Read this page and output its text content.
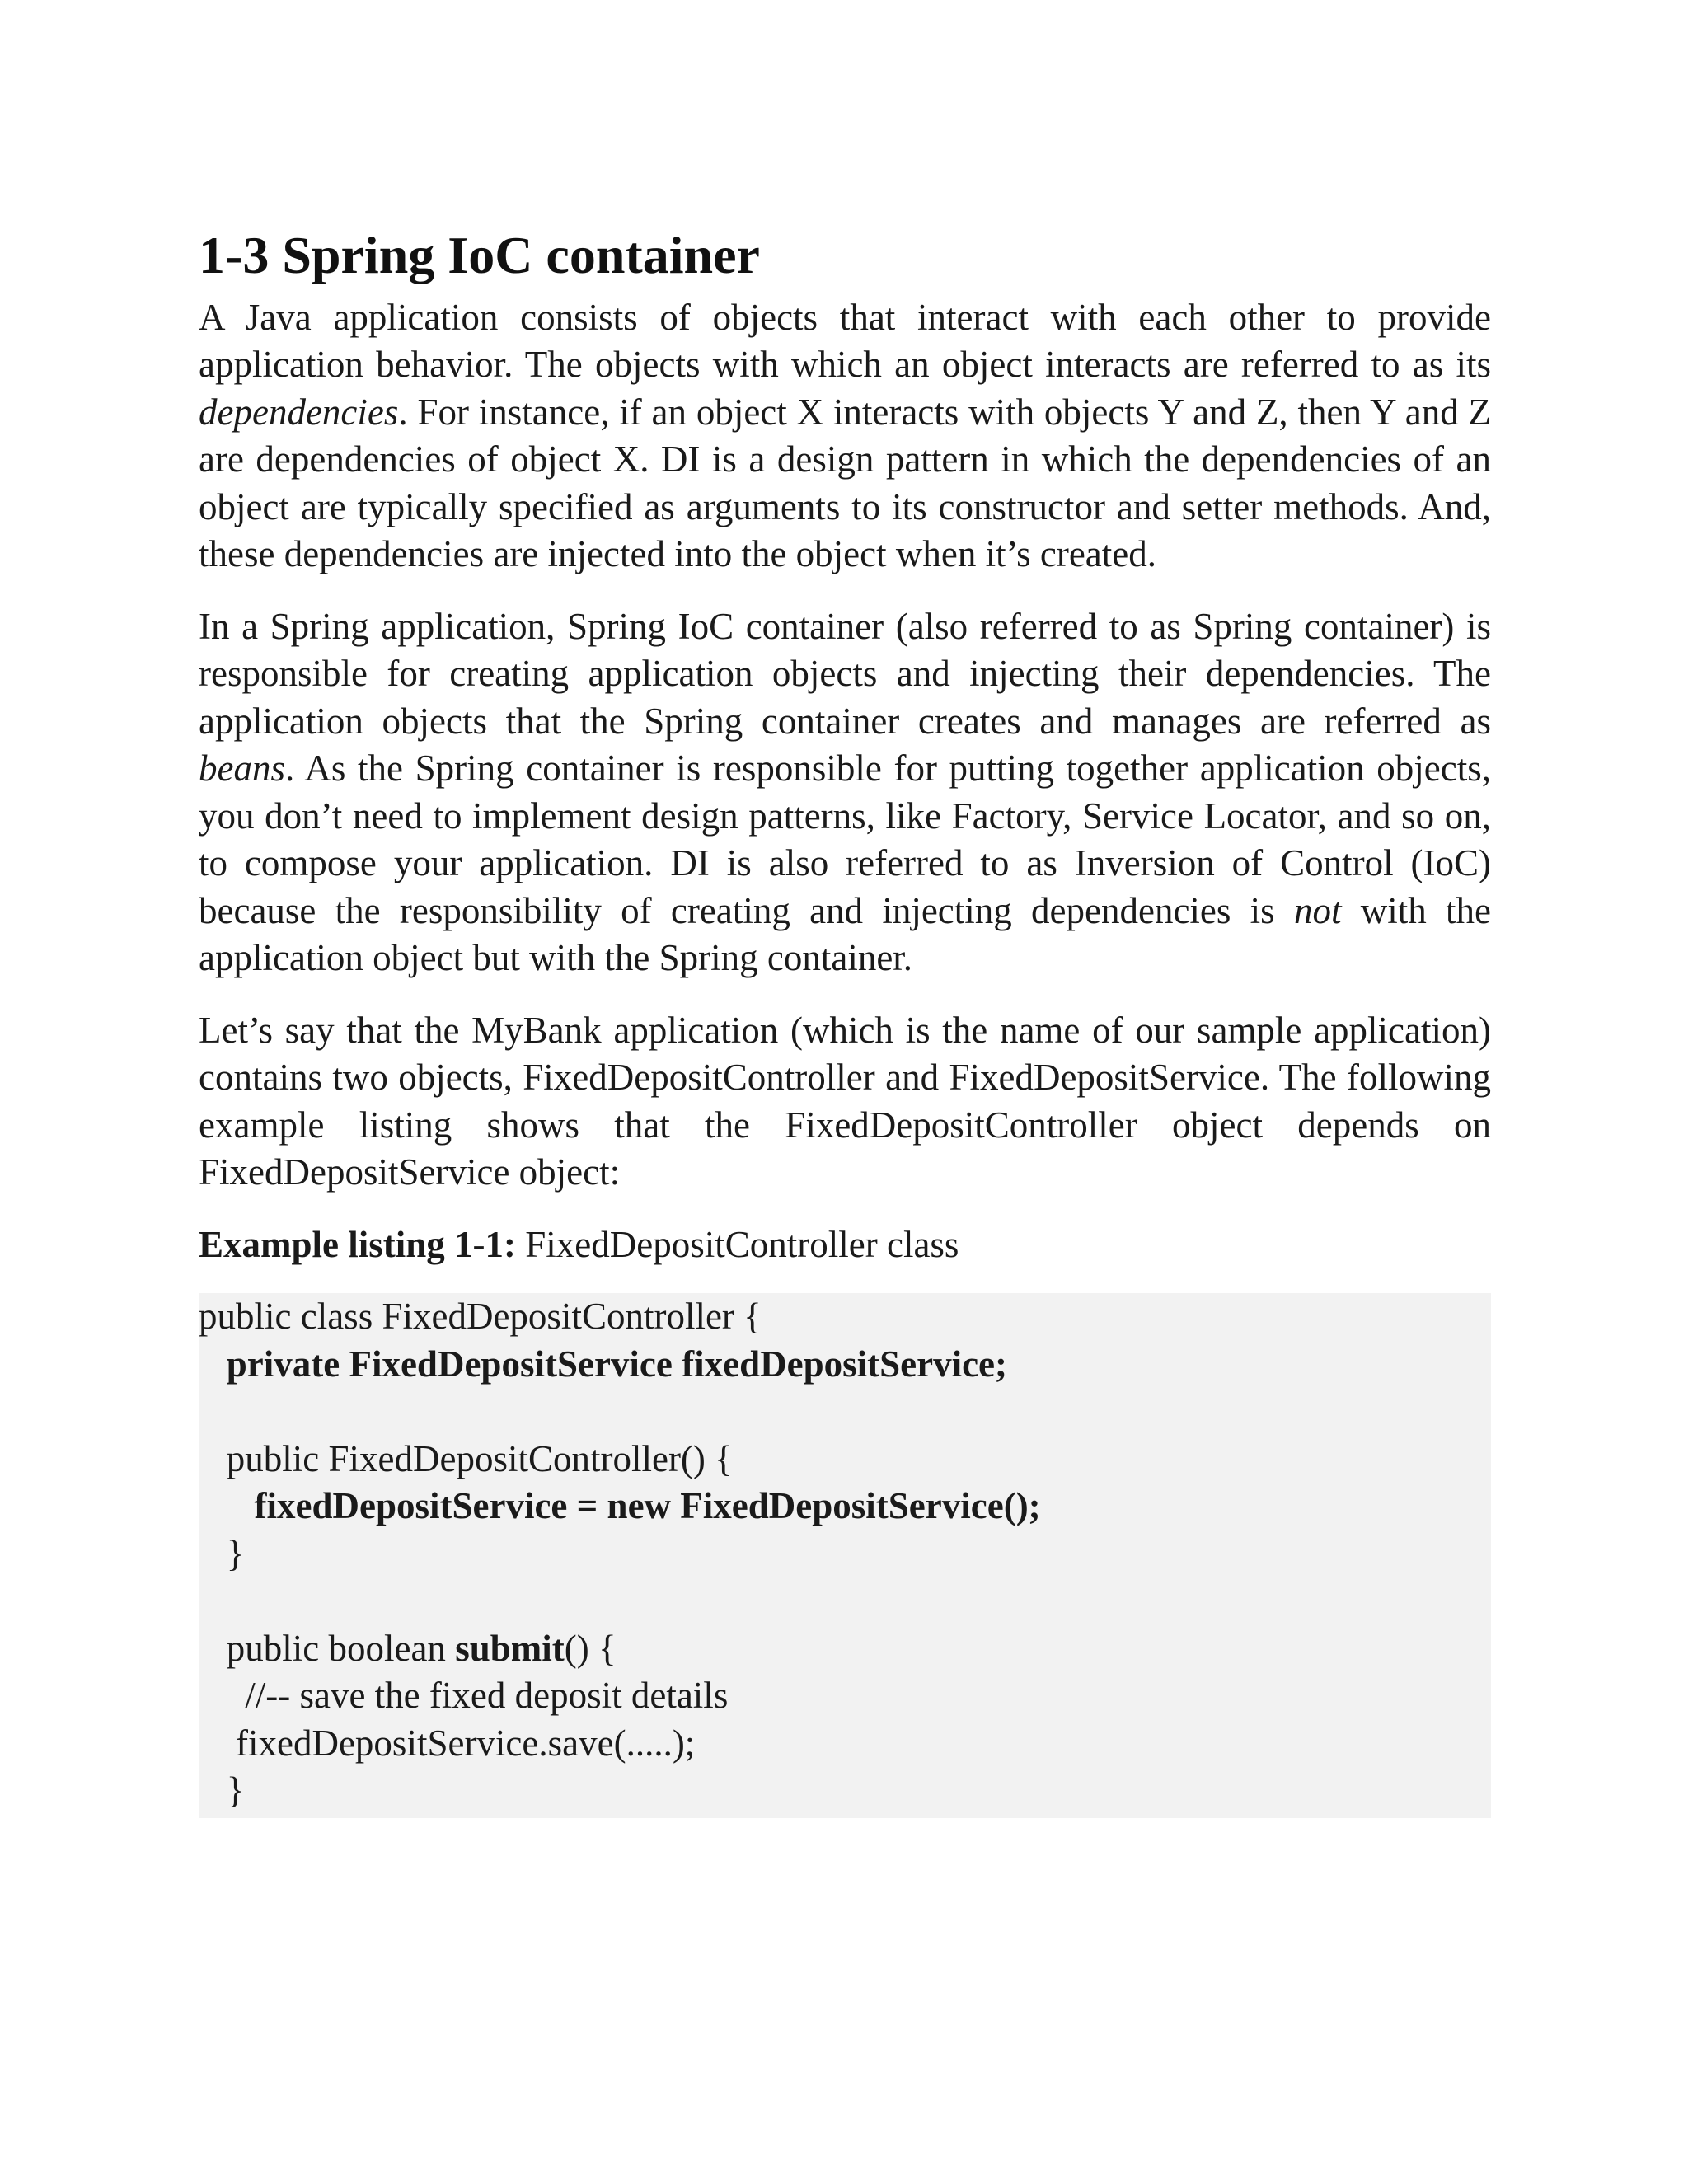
1-3 Spring IoC container

A Java application consists of objects that interact with each other to provide application behavior. The objects with which an object interacts are referred to as its dependencies. For instance, if an object X interacts with objects Y and Z, then Y and Z are dependencies of object X. DI is a design pattern in which the dependencies of an object are typically specified as arguments to its constructor and setter methods. And, these dependencies are injected into the object when it’s created.

In a Spring application, Spring IoC container (also referred to as Spring container) is responsible for creating application objects and injecting their dependencies. The application objects that the Spring container creates and manages are referred as beans. As the Spring container is responsible for putting together application objects, you don’t need to implement design patterns, like Factory, Service Locator, and so on, to compose your application. DI is also referred to as Inversion of Control (IoC) because the responsibility of creating and injecting dependencies is not with the application object but with the Spring container.

Let’s say that the MyBank application (which is the name of our sample application) contains two objects, FixedDepositController and FixedDepositService. The following example listing shows that the FixedDepositController object depends on FixedDepositService object:

Example listing 1-1: FixedDepositController class

public class FixedDepositController {
private FixedDepositService fixedDepositService;
public FixedDepositController() {
fixedDepositService = new FixedDepositService();
}
public boolean submit() {
//-- save the fixed deposit details
fixedDepositService.save(.....);
}
